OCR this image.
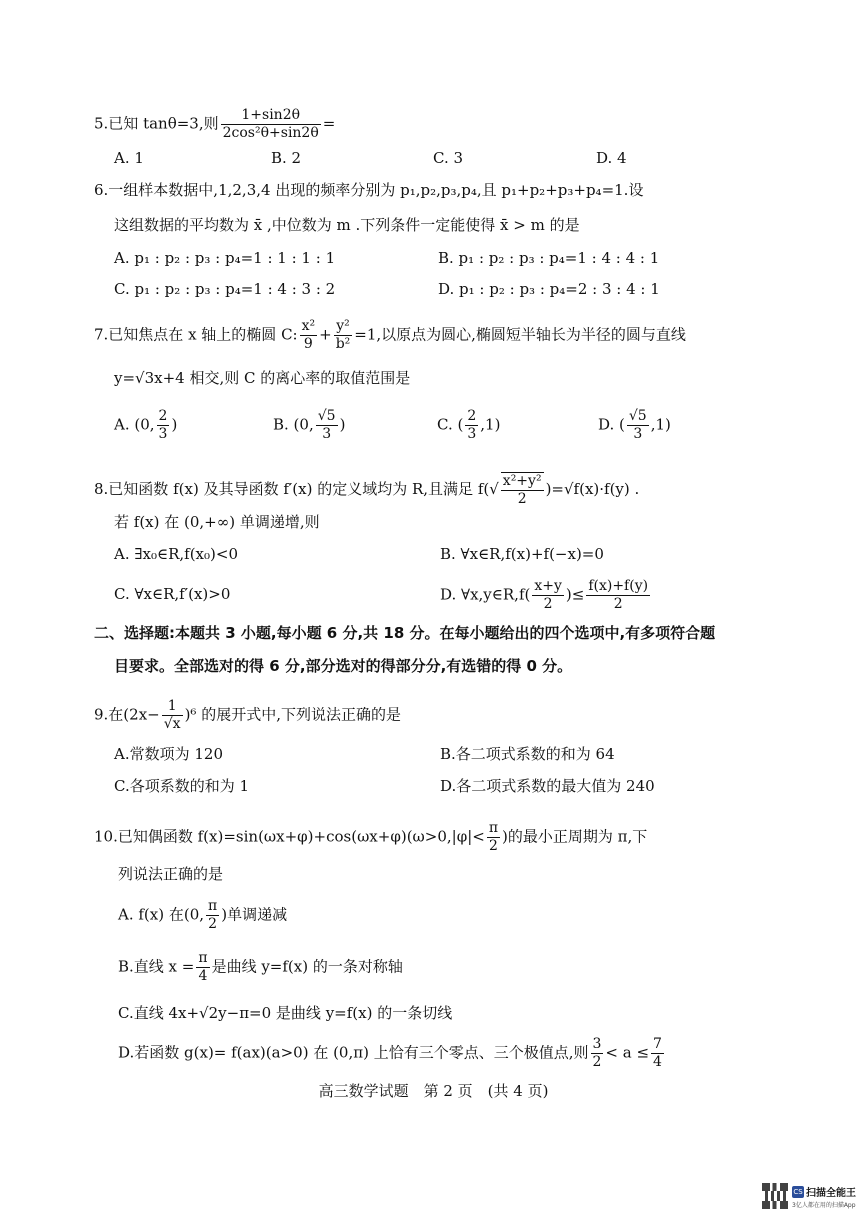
5.已知 tanθ=3,则 $\frac{1+\sin 2\theta}{\text{2cos²θ+sin2θ}}$ =
A. 1	B. 2	C. 3	D. 4
6.一组样本数据中,1,2,3,4 出现的频率分别为 p₁,p₂,p₃,p₄,且 p₁+p₂+p₃+p₄=1.设
这组数据的平均数为 x̄ ,中位数为 m .下列条件一定能使得 x̄ > m 的是
A. p₁ : p₂ : p₃ : p₄=1 : 1 : 1 : 1	B. p₁ : p₂ : p₃ : p₄=1 : 4 : 4 : 1
C. p₁ : p₂ : p₃ : p₄=1 : 4 : 3 : 2	D. p₁ : p₂ : p₃ : p₄=2 : 3 : 4 : 1
7.已知焦点在 x 轴上的椭圆 C: $\frac{\text{x²}}{9} + \frac{\text{y²}}{\text{b²}} =1$,以原点为圆心,椭圆短半轴长为半径的圆与直线
y=√3x+4 相交,则 C 的离心率的取值范围是
A. (0, $\frac{2}{3}$ )	B. (0, $\frac{√5}{3}$ )	C. ( $\frac{2}{3} ,1$)	D. ( $\frac{√5}{3} ,1$)
8.已知函数 f(x) 及其导函数 f′(x) 的定义域均为 R,且满足 $f(√ \frac{\text{x²+y²}}{2} )=√f(x)\cdot f(y)$ .
若 f(x) 在 (0,+∞) 单调递增,则
A. ∃x₀∈R,f(x₀)<0	B. ∀x∈R,f(x)+f(−x)=0
C. ∀x∈R,f′(x)>0	D. ∀x,y∈R,f( $\frac{x+y}{2}$ )≤ $\frac{f(x)+f(y)}{2}$
二、选择题:本题共 3 小题,每小题 6 分,共 18 分。在每小题给出的四个选项中,有多项符合题
目要求。全部选对的得 6 分,部分选对的得部分分,有选错的得 0 分。
9.在$(2x- \frac{1}{√x} )^6$ 的展开式中,下列说法正确的是
A.常数项为 120	B.各二项式系数的和为 64
C.各项系数的和为 1	D.各二项式系数的最大值为 240
10.已知偶函数 $f(x)=\sin(\omega x+\varphi)+\cos(\omega x+\varphi)(\omega>0,|\varphi|< \frac{\pi}{2}$ )的最小正周期为 π,下
列说法正确的是
A. f(x) 在(0, $\frac{\pi}{2}$ )单调递减
B.直线 $x = \frac{\pi}{4}$ 是曲线 y=f(x) 的一条对称轴
C.直线 4x+√2y−π=0 是曲线 y=f(x) 的一条切线
D.若函数 g(x)= f(ax)(a>0) 在 (0,π) 上恰有三个零点、三个极值点,则 $\frac{3}{2} < a \le \frac{7}{4}$
高三数学试题　第 2 页　(共 4 页)
CS 扫描全能王
3亿人都在用的扫描App
